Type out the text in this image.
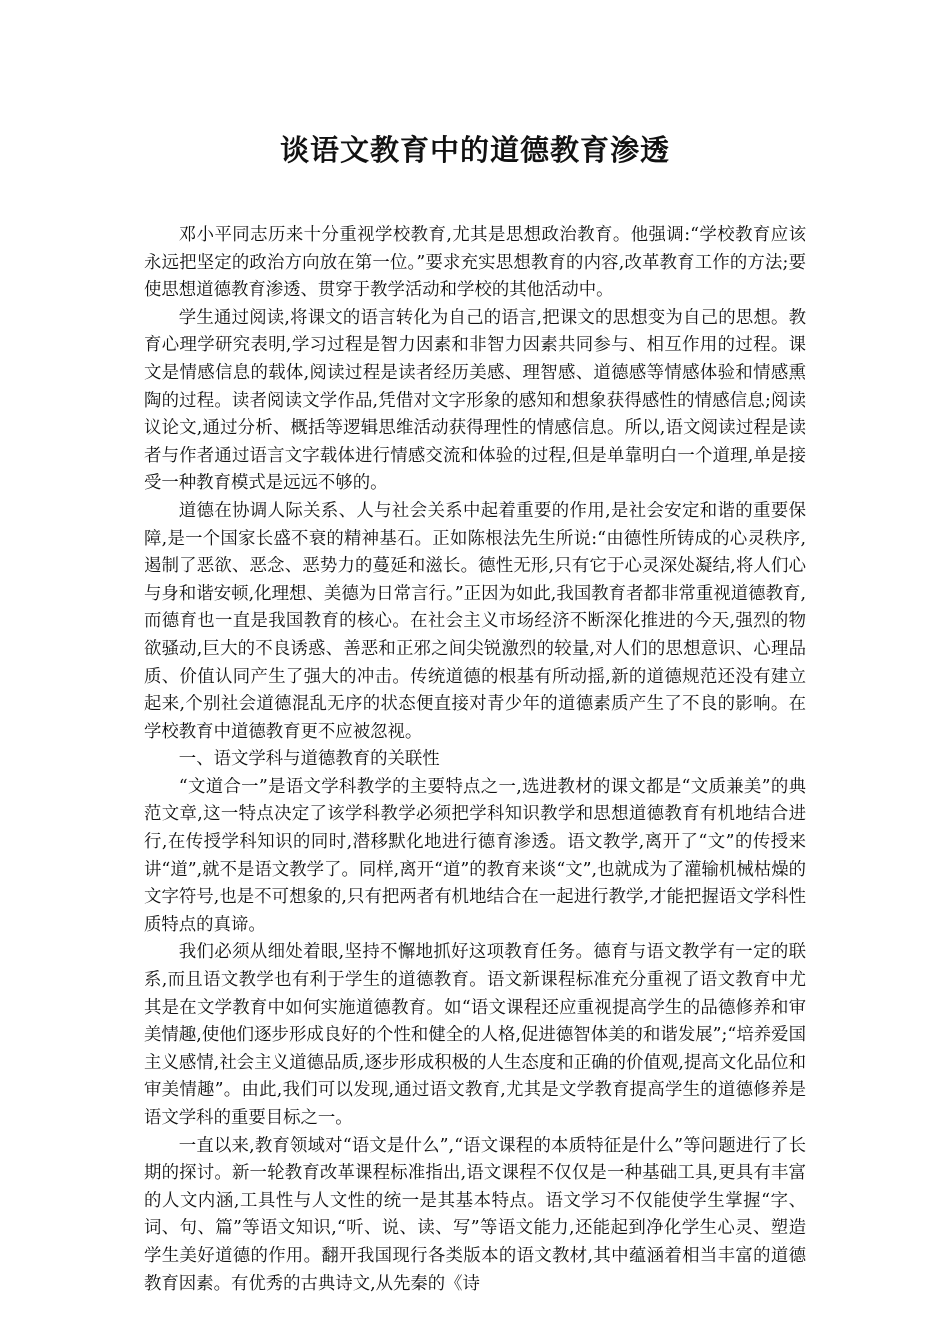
谈语文教育中的道德教育渗透

邓小平同志历来十分重视学校教育,尤其是思想政治教育。他强调:“学校教育应该永远把坚定的政治方向放在第一位。”要求充实思想教育的内容,改革教育工作的方法;要使思想道德教育渗透、贯穿于教学活动和学校的其他活动中。

学生通过阅读,将课文的语言转化为自己的语言,把课文的思想变为自己的思想。教育心理学研究表明,学习过程是智力因素和非智力因素共同参与、相互作用的过程。课文是情感信息的载体,阅读过程是读者经历美感、理智感、道德感等情感体验和情感熏陶的过程。读者阅读文学作品,凭借对文字形象的感知和想象获得感性的情感信息;阅读议论文,通过分析、概括等逻辑思维活动获得理性的情感信息。所以,语文阅读过程是读者与作者通过语言文字载体进行情感交流和体验的过程,但是单靠明白一个道理,单是接受一种教育模式是远远不够的。

道德在协调人际关系、人与社会关系中起着重要的作用,是社会安定和谐的重要保障,是一个国家长盛不衰的精神基石。正如陈根法先生所说:“由德性所铸成的心灵秩序,遏制了恶欲、恶念、恶势力的蔓延和滋长。德性无形,只有它于心灵深处凝结,将人们心与身和谐安顿,化理想、美德为日常言行。”正因为如此,我国教育者都非常重视道德教育,而德育也一直是我国教育的核心。在社会主义市场经济不断深化推进的今天,强烈的物欲骚动,巨大的不良诱惑、善恶和正邪之间尖锐激烈的较量,对人们的思想意识、心理品质、价值认同产生了强大的冲击。传统道德的根基有所动摇,新的道德规范还没有建立起来,个别社会道德混乱无序的状态便直接对青少年的道德素质产生了不良的影响。在学校教育中道德教育更不应被忽视。

一、语文学科与道德教育的关联性

“文道合一”是语文学科教学的主要特点之一,选进教材的课文都是“文质兼美”的典范文章,这一特点决定了该学科教学必须把学科知识教学和思想道德教育有机地结合进行,在传授学科知识的同时,潜移默化地进行德育渗透。语文教学,离开了“文”的传授来讲“道”,就不是语文教学了。同样,离开“道”的教育来谈“文”,也就成为了灌输机械枯燥的文字符号,也是不可想象的,只有把两者有机地结合在一起进行教学,才能把握语文学科性质特点的真谛。

我们必须从细处着眼,坚持不懈地抓好这项教育任务。德育与语文教学有一定的联系,而且语文教学也有利于学生的道德教育。语文新课程标准充分重视了语文教育中尤其是在文学教育中如何实施道德教育。如“语文课程还应重视提高学生的品德修养和审美情趣,使他们逐步形成良好的个性和健全的人格,促进德智体美的和谐发展”;“培养爱国主义感情,社会主义道德品质,逐步形成积极的人生态度和正确的价值观,提高文化品位和审美情趣”。由此,我们可以发现,通过语文教育,尤其是文学教育提高学生的道德修养是语文学科的重要目标之一。

一直以来,教育领域对“语文是什么”,“语文课程的本质特征是什么”等问题进行了长期的探讨。新一轮教育改革课程标准指出,语文课程不仅仅是一种基础工具,更具有丰富的人文内涵,工具性与人文性的统一是其基本特点。语文学习不仅能使学生掌握“字、词、句、篇”等语文知识,“听、说、读、写”等语文能力,还能起到净化学生心灵、塑造学生美好道德的作用。翻开我国现行各类版本的语文教材,其中蕴涵着相当丰富的道德教育因素。有优秀的古典诗文,从先秦的《诗
